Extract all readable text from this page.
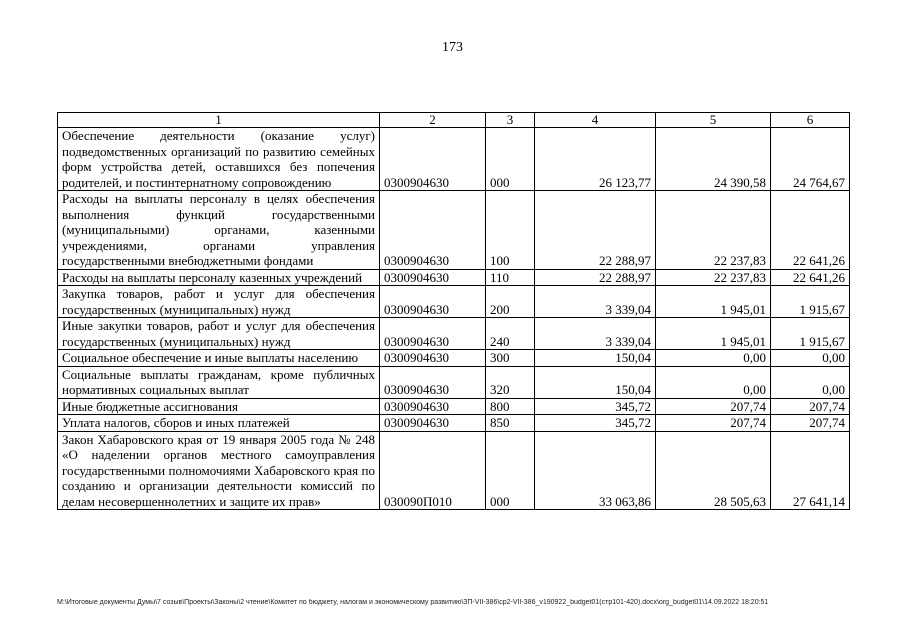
173
1	2	3	4	5	6
Обеспечение деятельности (оказание услуг) подведомственных организаций по развитию семейных форм устройства детей, оставшихся без попечения родителей, и постинтернатному сопровождению	0300904630	000	26 123,77	24 390,58	24 764,67
Расходы на выплаты персоналу в целях обеспечения выполнения функций государственными (муниципальными) органами, казенными учреждениями, органами управления государственными внебюджетными фондами	0300904630	100	22 288,97	22 237,83	22 641,26
Расходы на выплаты персоналу казенных учреждений	0300904630	110	22 288,97	22 237,83	22 641,26
Закупка товаров, работ и услуг для обеспечения государственных (муниципальных) нужд	0300904630	200	3 339,04	1 945,01	1 915,67
Иные закупки товаров, работ и услуг для обеспечения государственных (муниципальных) нужд	0300904630	240	3 339,04	1 945,01	1 915,67
Социальное обеспечение и иные выплаты населению	0300904630	300	150,04	0,00	0,00
Социальные выплаты гражданам, кроме публичных нормативных социальных выплат	0300904630	320	150,04	0,00	0,00
Иные бюджетные ассигнования	0300904630	800	345,72	207,74	207,74
Уплата налогов, сборов и иных платежей	0300904630	850	345,72	207,74	207,74
Закон Хабаровского края от 19 января 2005 года № 248 «О наделении органов местного самоуправления государственными полномочиями Хабаровского края по созданию и организации деятельности комиссий по делам несовершеннолетних и защите их прав»	030090П010	000	33 063,86	28 505,63	27 641,14
M:\Итоговые документы Думы\7 созыв\Проекты\Законы\2 чтение\Комитет по бюджету, налогам и экономическому развитию\ЗП-VII-386\ср2-VII-386_v190922_budget01(стр101-420).docx\org_budget01\14.09.2022 18:20:51
